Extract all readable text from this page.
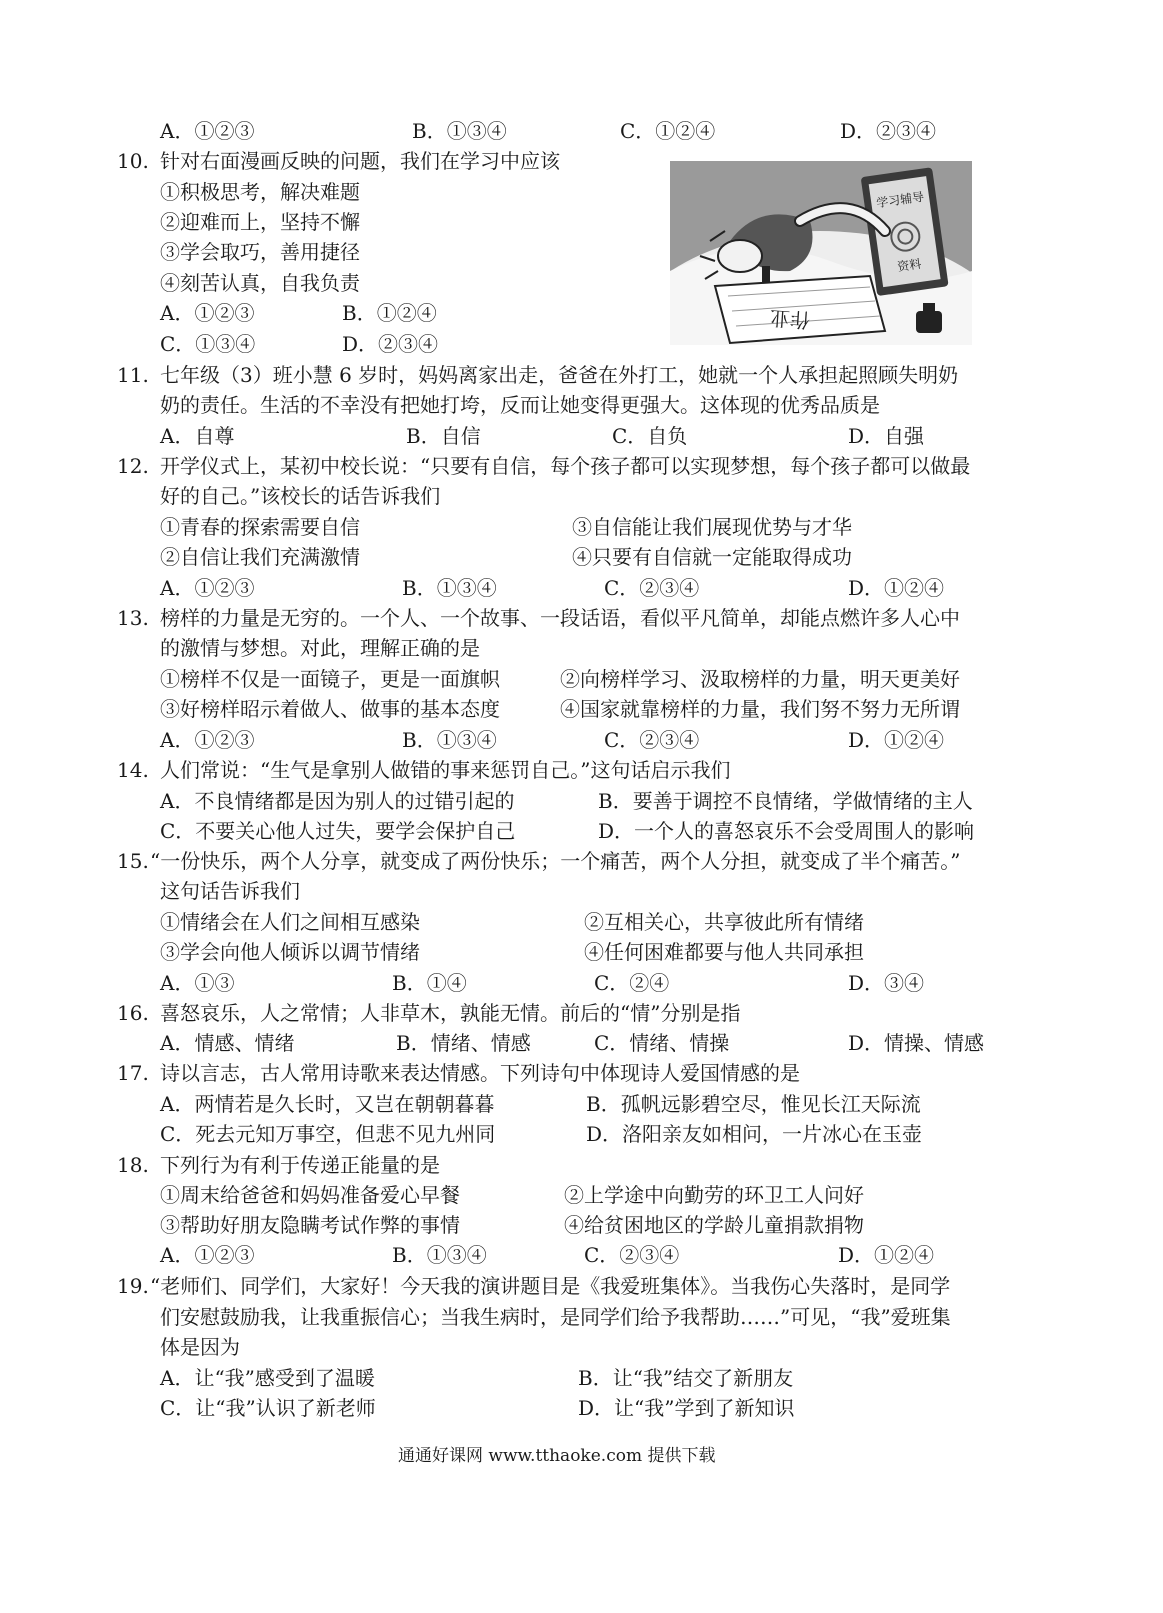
A．①②③	B．①③④	C．①②④	D．②③④
10. 针对右面漫画反映的问题，我们在学习中应该
①积极思考，解决难题
②迎难而上，坚持不懈
③学会取巧，善用捷径
④刻苦认真，自我负责
A．①②③	B．①②④
C．①③④	D．②③④
学习辅导
资料
作业
11. 七年级（3）班小慧 6 岁时，妈妈离家出走，爸爸在外打工，她就一个人承担起照顾失明奶
奶的责任。生活的不幸没有把她打垮，反而让她变得更强大。这体现的优秀品质是
A．自尊	B．自信	C．自负	D．自强
12. 开学仪式上，某初中校长说：“只要有自信，每个孩子都可以实现梦想，每个孩子都可以做最
好的自己。”该校长的话告诉我们
①青春的探索需要自信	③自信能让我们展现优势与才华
②自信让我们充满激情	④只要有自信就一定能取得成功
A．①②③	B．①③④	C．②③④	D．①②④
13. 榜样的力量是无穷的。一个人、一个故事、一段话语，看似平凡简单，却能点燃许多人心中
的激情与梦想。对此，理解正确的是
①榜样不仅是一面镜子，更是一面旗帜	②向榜样学习、汲取榜样的力量，明天更美好
③好榜样昭示着做人、做事的基本态度	④国家就靠榜样的力量，我们努不努力无所谓
A．①②③	B．①③④	C．②③④	D．①②④
14. 人们常说：“生气是拿别人做错的事来惩罚自己。”这句话启示我们
A．不良情绪都是因为别人的过错引起的	B．要善于调控不良情绪，学做情绪的主人
C．不要关心他人过失，要学会保护自己	D．一个人的喜怒哀乐不会受周围人的影响
15. “一份快乐，两个人分享，就变成了两份快乐；一个痛苦，两个人分担，就变成了半个痛苦。”
这句话告诉我们
①情绪会在人们之间相互感染	②互相关心，共享彼此所有情绪
③学会向他人倾诉以调节情绪	④任何困难都要与他人共同承担
A．①③	B．①④	C．②④	D．③④
16. 喜怒哀乐，人之常情；人非草木，孰能无情。前后的“情”分别是指
A．情感、情绪	B．情绪、情感	C．情绪、情操	D．情操、情感
17. 诗以言志，古人常用诗歌来表达情感。下列诗句中体现诗人爱国情感的是
A．两情若是久长时，又岂在朝朝暮暮	B．孤帆远影碧空尽，惟见长江天际流
C．死去元知万事空，但悲不见九州同	D．洛阳亲友如相问，一片冰心在玉壶
18. 下列行为有利于传递正能量的是
①周末给爸爸和妈妈准备爱心早餐	②上学途中向勤劳的环卫工人问好
③帮助好朋友隐瞒考试作弊的事情	④给贫困地区的学龄儿童捐款捐物
A．①②③	B．①③④	C．②③④	D．①②④
19. “老师们、同学们，大家好！今天我的演讲题目是《我爱班集体》。当我伤心失落时，是同学
们安慰鼓励我，让我重振信心；当我生病时，是同学们给予我帮助……”可见，“我”爱班集
体是因为
A．让“我”感受到了温暖	B．让“我”结交了新朋友
C．让“我”认识了新老师	D．让“我”学到了新知识
通通好课网 www.tthaoke.com 提供下载
